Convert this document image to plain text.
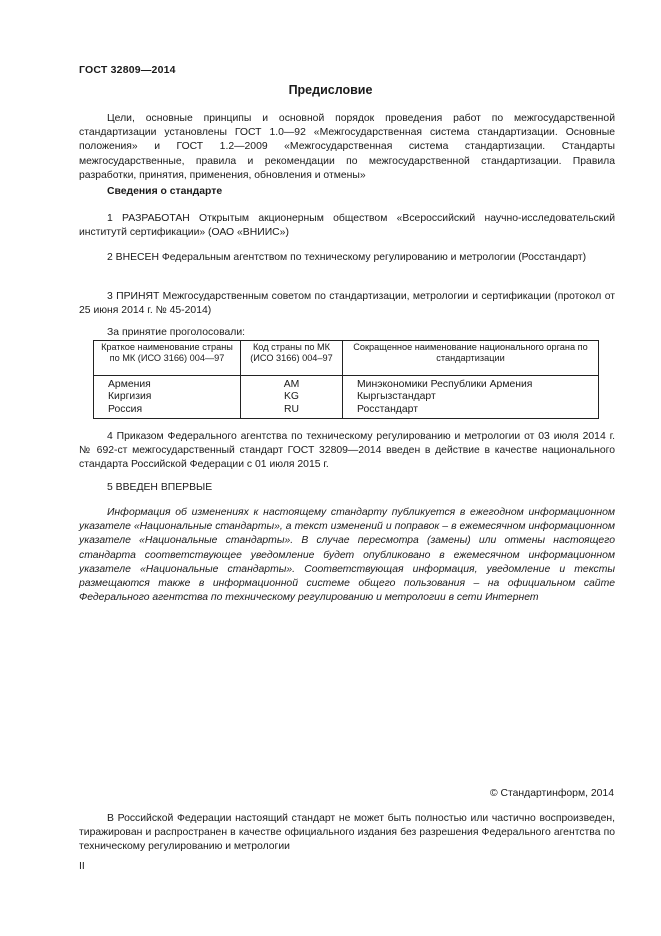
ГОСТ 32809—2014
Предисловие
Цели, основные принципы и основной порядок проведения работ по межгосударственной стандартизации установлены ГОСТ 1.0—92 «Межгосударственная система стандартизации. Основные положения» и ГОСТ 1.2—2009 «Межгосударственная система стандартизации. Стандарты межгосударственные, правила и рекомендации по межгосударственной стандартизации. Правила разработки, принятия, применения, обновления и отмены»
Сведения о стандарте
1 РАЗРАБОТАН Открытым акционерным обществом «Всероссийский научно-исследовательский институтй сертификации» (ОАО «ВНИИС»)
2 ВНЕСЕН Федеральным агентством по техническому регулированию и метрологии (Росстандарт)
3 ПРИНЯТ Межгосударственным советом по стандартизации, метрологии и сертификации (протокол от 25 июня 2014 г. № 45-2014)
За принятие проголосовали:
Краткое наименование страны по МК (ИСО 3166) 004—97	Код страны по МК (ИСО 3166) 004–97	Сокращенное наименование национального органа по стандартизации
Армения	AM	Минэкономики Республики Армения
Киргизия	KG	Кыргызстандарт
Россия	RU	Росстандарт
4 Приказом Федерального агентства по техническому регулированию и метрологии от 03 июля 2014 г. № 692-ст межгосударственный стандарт ГОСТ 32809—2014 введен в действие в качестве национального стандарта Российской Федерации с 01 июля 2015 г.
5 ВВЕДЕН ВПЕРВЫЕ
Информация об изменениях к настоящему стандарту публикуется в ежегодном информационном указателе «Национальные стандарты», а текст изменений и поправок – в ежемесячном информационном указателе «Национальные стандарты». В случае пересмотра (замены) или отмены настоящего стандарта соответствующее уведомление будет опубликовано в ежемесячном информационном указателе «Национальные стандарты». Соответствующая информация, уведомление и тексты размещаются также в информационной системе общего пользования – на официальном сайте Федерального агентства по техническому регулированию и метрологии в сети Интернет
© Стандартинформ, 2014
В Российской Федерации настоящий стандарт не может быть полностью или частично воспроизведен, тиражирован и распространен в качестве официального издания без разрешения Федерального агентства по техническому регулированию и метрологии
II
